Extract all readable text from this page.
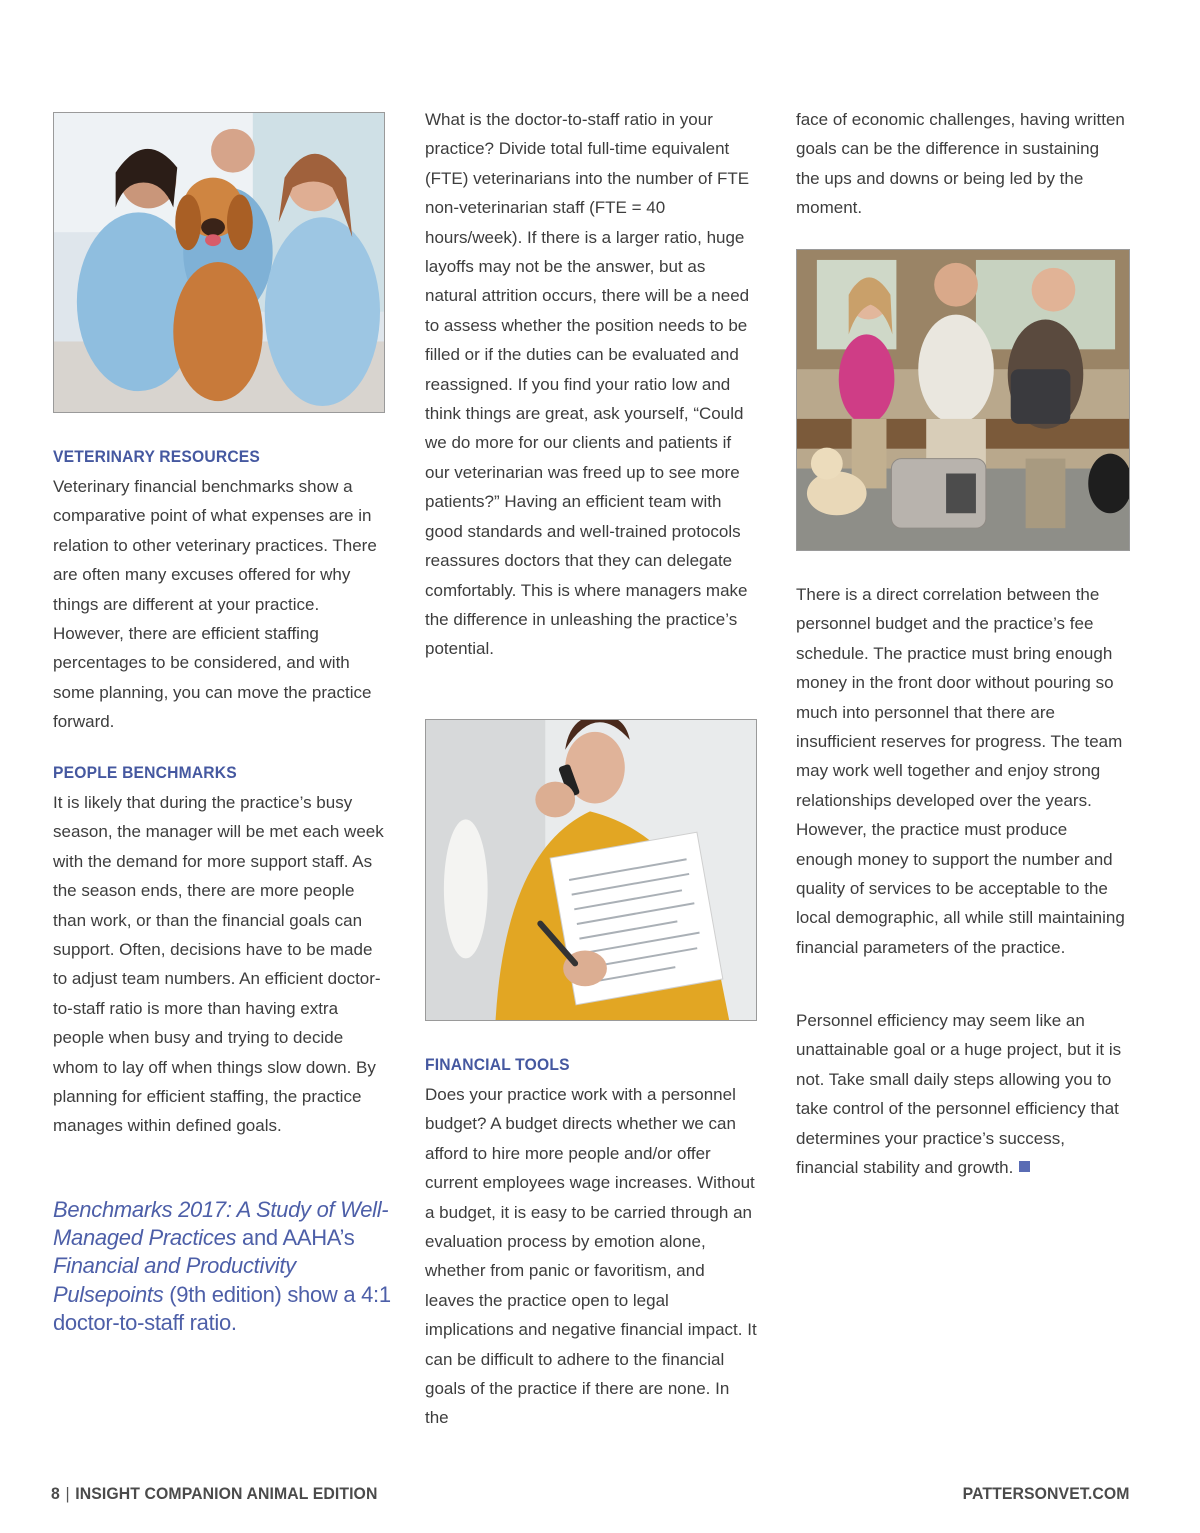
VETERINARY RESOURCES

Veterinary financial benchmarks show a comparative point of what expenses are in relation to other veterinary practices. There are often many excuses offered for why things are different at your practice. However, there are efficient staffing percentages to be considered, and with some planning, you can move the practice forward.

PEOPLE BENCHMARKS

It is likely that during the practice’s busy season, the manager will be met each week with the demand for more support staff. As the season ends, there are more people than work, or than the financial goals can support. Often, decisions have to be made to adjust team numbers. An efficient doctor-to-staff ratio is more than having extra people when busy and trying to decide whom to lay off when things slow down. By planning for efficient staffing, the practice manages within defined goals.

Benchmarks 2017: A Study of Well-Managed Practices and AAHA’s Financial and Productivity Pulsepoints (9th edition) show a 4:1 doctor-to-staff ratio.

What is the doctor-to-staff ratio in your practice? Divide total full-time equivalent (FTE) veterinarians into the number of FTE non-veterinarian staff (FTE = 40 hours/week). If there is a larger ratio, huge layoffs may not be the answer, but as natural attrition occurs, there will be a need to assess whether the position needs to be filled or if the duties can be evaluated and reassigned. If you find your ratio low and think things are great, ask yourself, “Could we do more for our clients and patients if our veterinarian was freed up to see more patients?” Having an efficient team with good standards and well-trained protocols reassures doctors that they can delegate comfortably. This is where managers make the difference in unleashing the practice’s potential.

FINANCIAL TOOLS

Does your practice work with a personnel budget? A budget directs whether we can afford to hire more people and/or offer current employees wage increases. Without a budget, it is easy to be carried through an evaluation process by emotion alone, whether from panic or favoritism, and leaves the practice open to legal implications and negative financial impact. It can be difficult to adhere to the financial goals of the practice if there are none. In the

face of economic challenges, having written goals can be the difference in sustaining the ups and downs or being led by the moment.

There is a direct correlation between the personnel budget and the practice’s fee schedule. The practice must bring enough money in the front door without pouring so much into personnel that there are insufficient reserves for progress. The team may work well together and enjoy strong relationships developed over the years. However, the practice must produce enough money to support the number and quality of services to be acceptable to the local demographic, all while still maintaining financial parameters of the practice.

Personnel efficiency may seem like an unattainable goal or a huge project, but it is not. Take small daily steps allowing you to take control of the personnel efficiency that determines your practice’s success, financial stability and growth.

8 | INSIGHT COMPANION ANIMAL EDITION	PATTERSONVET.COM
